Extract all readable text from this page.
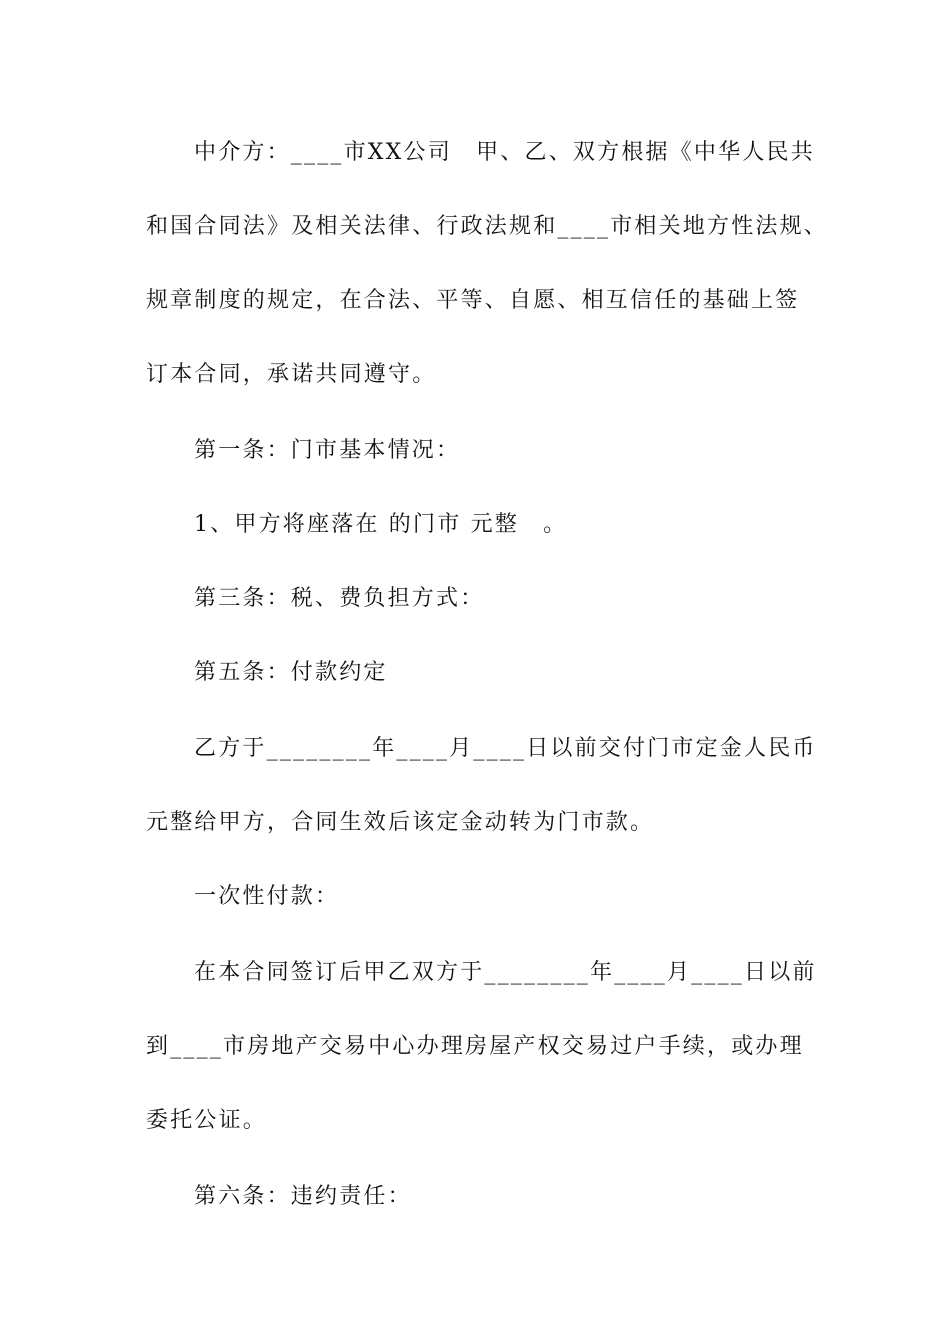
中介方：____市XX公司　甲、乙、双方根据《中华人民共

和国合同法》及相关法律、行政法规和____市相关地方性法规、

规章制度的规定，在合法、平等、自愿、相互信任的基础上签

订本合同，承诺共同遵守。

第一条：门市基本情况：

1、甲方将座落在 的门市 元整　。

第三条：税、费负担方式：

第五条：付款约定

乙方于________年____月____日以前交付门市定金人民币

元整给甲方，合同生效后该定金动转为门市款。

一次性付款：

在本合同签订后甲乙双方于________年____月____日以前

到____市房地产交易中心办理房屋产权交易过户手续，或办理

委托公证。

第六条：违约责任：
